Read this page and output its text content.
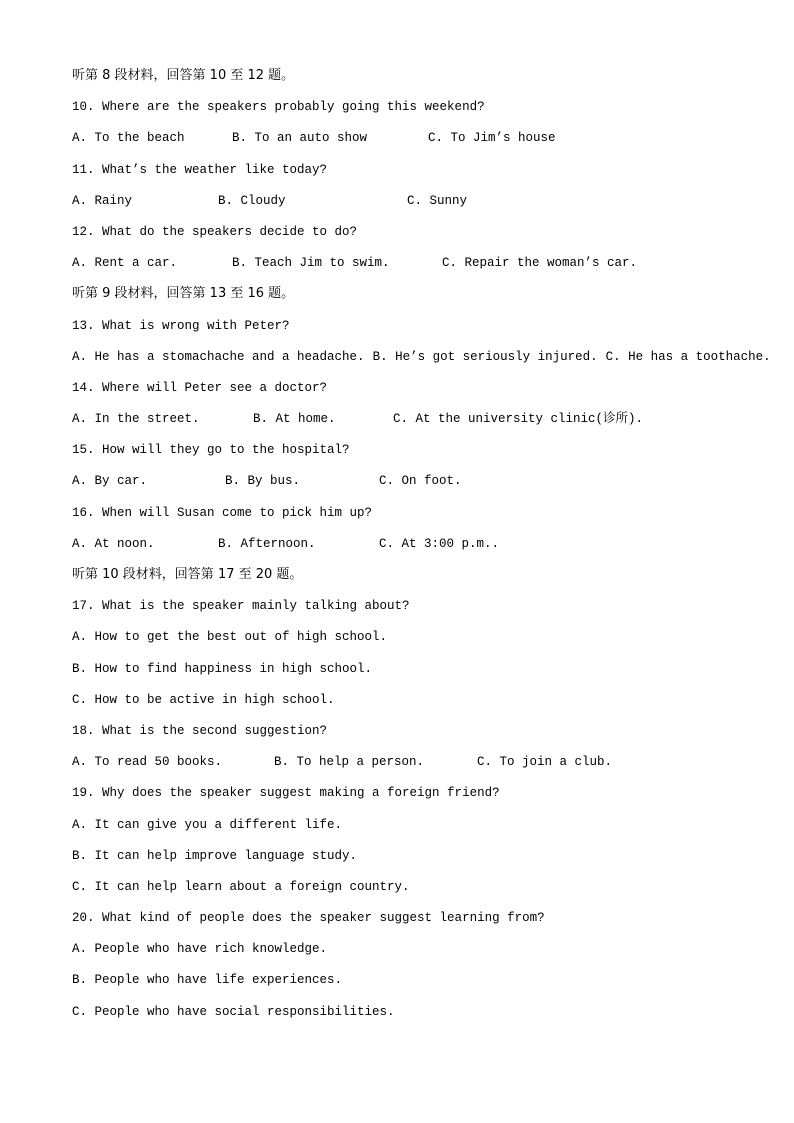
听第 8 段材料，回答第 10 至 12 题。
10. Where are the speakers probably going this weekend?
A. To the beach	B. To an auto show	C. To Jim’s house
11. What’s the weather like today?
A. Rainy	B. Cloudy	C. Sunny
12. What do the speakers decide to do?
A. Rent a car.	B. Teach Jim to swim.	C. Repair the woman’s car.
听第 9 段材料，回答第 13 至 16 题。
13. What is wrong with Peter?
A. He has a stomachache and a headache. B. He’s got seriously injured. C. He has a toothache.
14. Where will Peter see a doctor?
A. In the street.	B. At home.	C. At the university clinic(诊所).
15. How will they go to the hospital?
A. By car.	B. By bus.	C. On foot.
16. When will Susan come to pick him up?
A. At noon.	B. Afternoon.	C. At 3:00 p.m..
听第 10 段材料，回答第 17 至 20 题。
17. What is the speaker mainly talking about?
A. How to get the best out of high school.
B. How to find happiness in high school.
C. How to be active in high school.
18. What is the second suggestion?
A. To read 50 books.	B. To help a person.	C. To join a club.
19. Why does the speaker suggest making a foreign friend?
A. It can give you a different life.
B. It can help improve language study.
C. It can help learn about a foreign country.
20. What kind of people does the speaker suggest learning from?
A. People who have rich knowledge.
B. People who have life experiences.
C. People who have social responsibilities.
